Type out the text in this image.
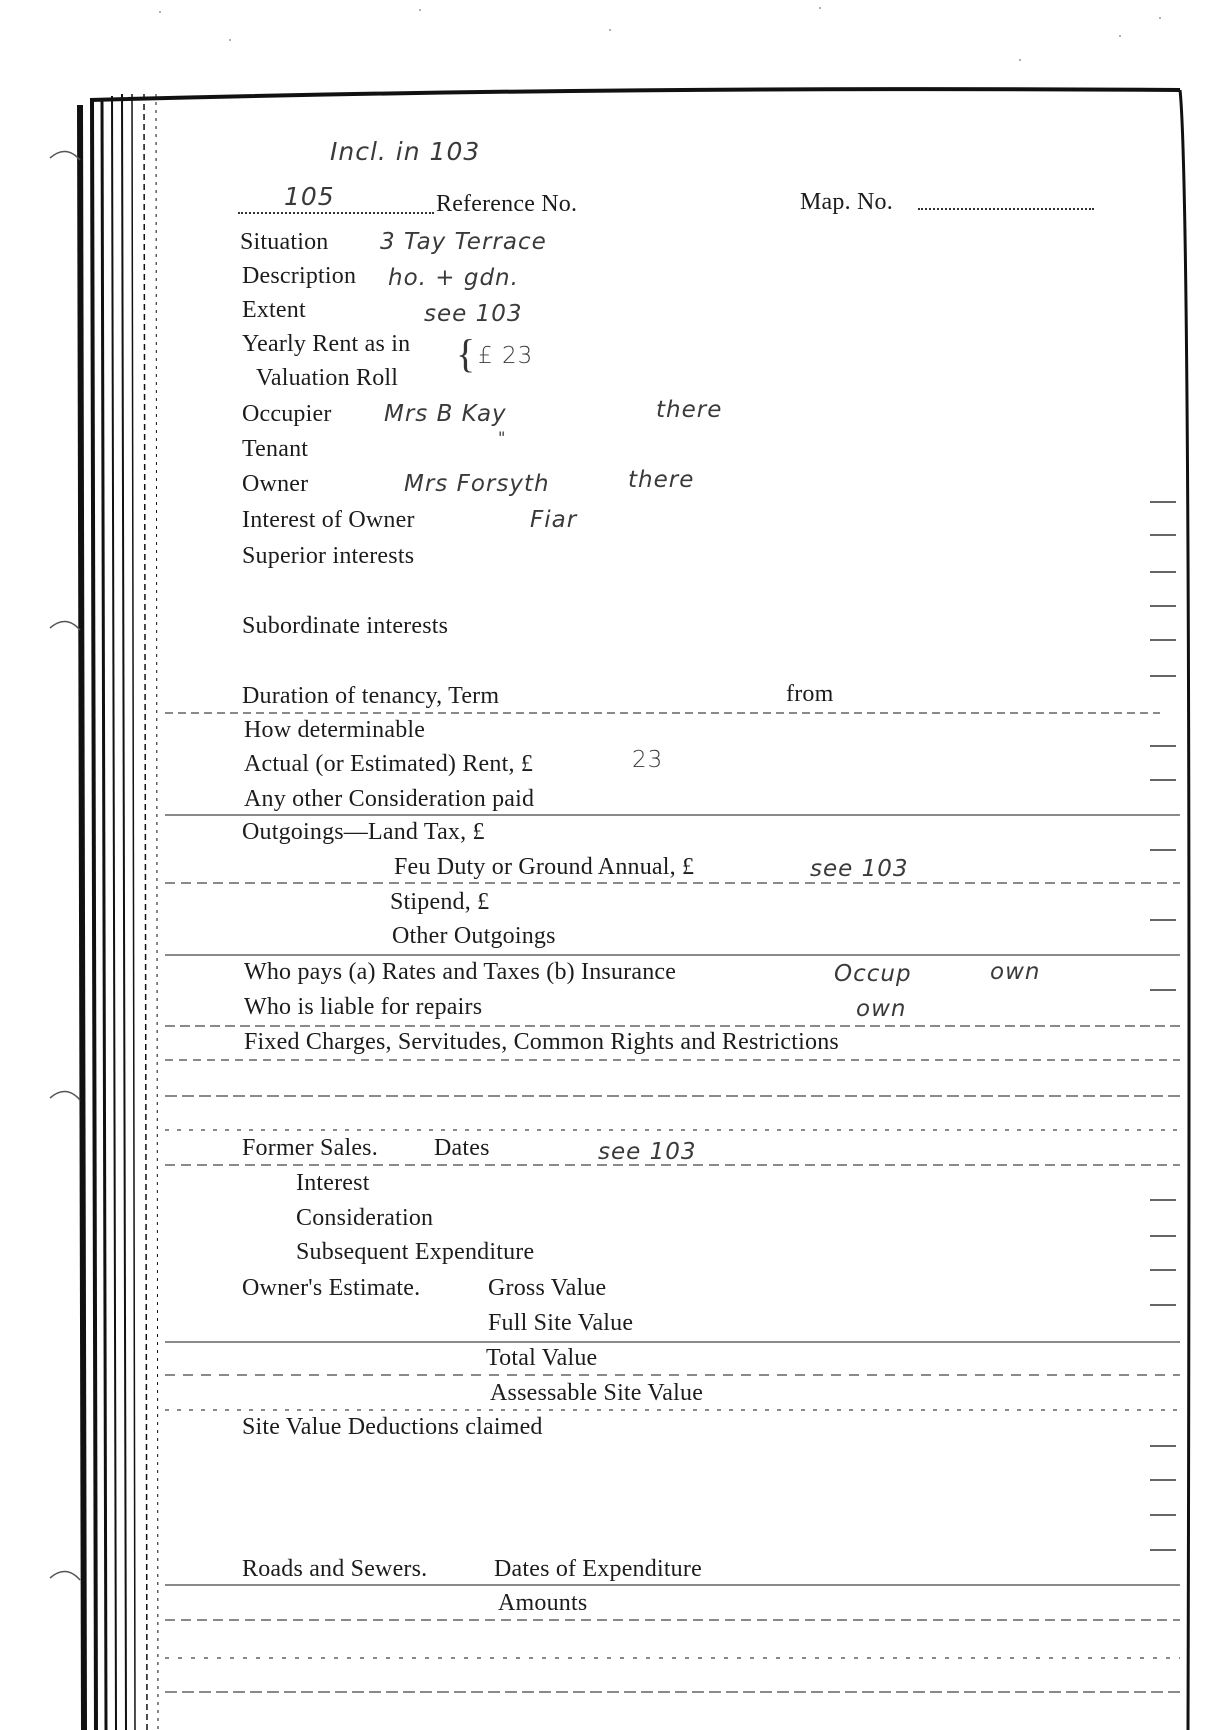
Incl. in 103
105	Reference No.	Map. No.
Situation 3 Tay Terrace
Description ho. + gdn.
Extent	see 103
Yearly Rent as in
Valuation Roll
{ £ 23
Occupier Mrs B Kay	there
Tenant	"
Owner	Mrs Forsyth	there
Interest of Owner	Fiar
Superior interests
Subordinate interests
Duration of tenancy, Term	from
How determinable
Actual (or Estimated) Rent, £	23
Any other Consideration paid
Outgoings—Land Tax, £
Feu Duty or Ground Annual, £	see 103
Stipend, £
Other Outgoings
Who pays (a) Rates and Taxes (b) Insurance	Occup	own
Who is liable for repairs	own
Fixed Charges, Servitudes, Common Rights and Restrictions
Former Sales. Dates	see 103
Interest
Consideration
Subsequent Expenditure
Owner's Estimate.	Gross Value
Full Site Value
Total Value
Assessable Site Value
Site Value Deductions claimed
Roads and Sewers.	Dates of Expenditure
Amounts
